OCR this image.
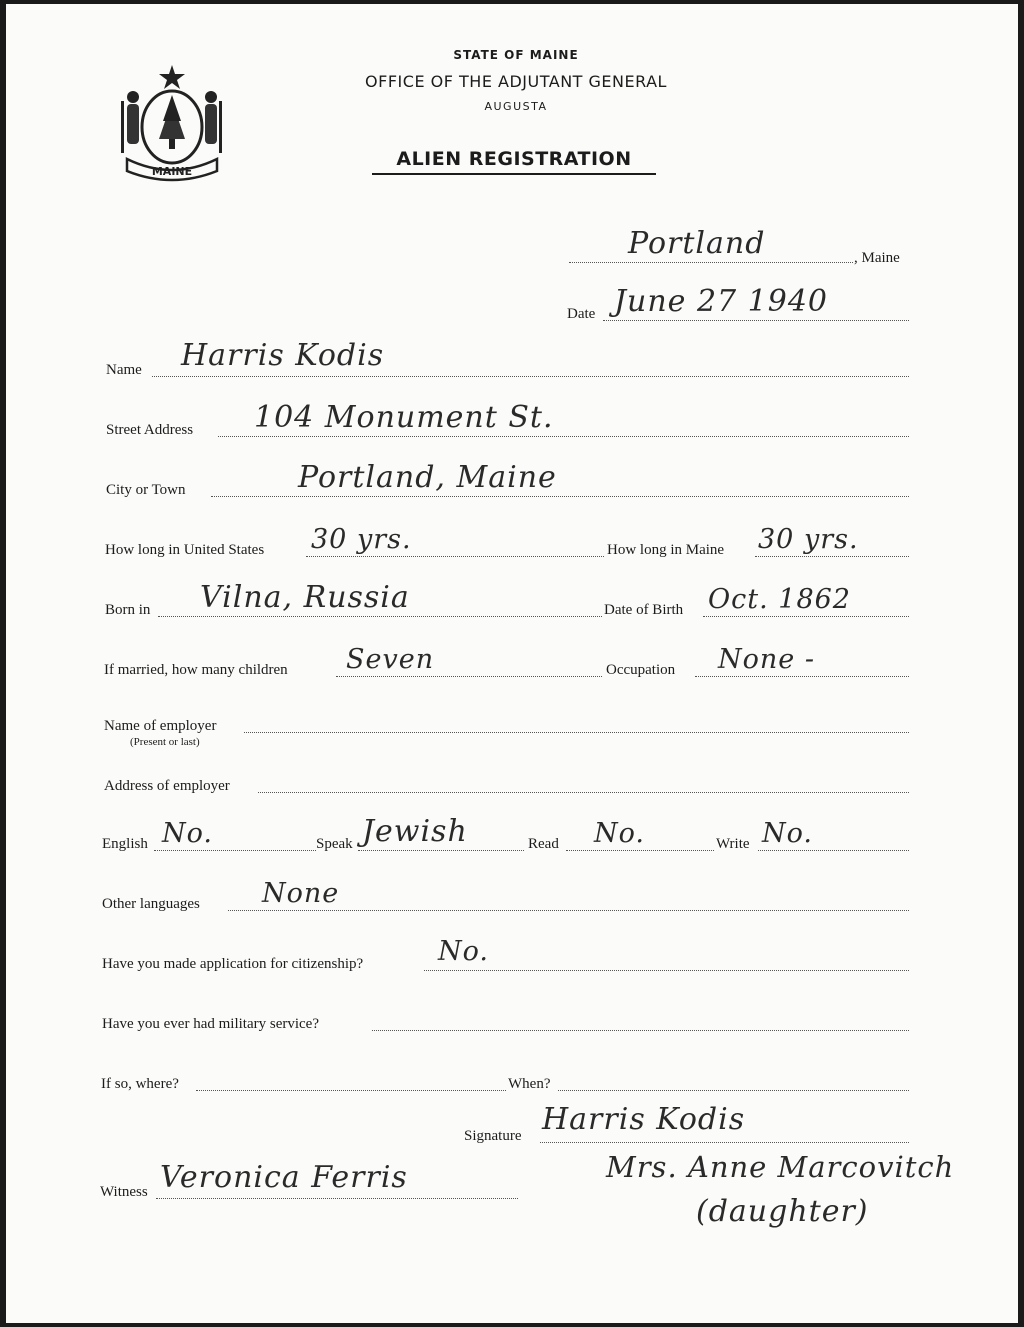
MAINE
STATE OF MAINE
OFFICE OF THE ADJUTANT GENERAL
AUGUSTA
ALIEN REGISTRATION
Portland	, Maine
Date June 27 1940
Name Harris Kodis
Street Address 104 Monument St.
City or Town	Portland, Maine
How long in United States 30 yrs.	How long in Maine 30 yrs.
Born in Vilna, Russia	Date of Birth Oct. 1862
If married, how many children Seven	Occupation None -
Name of employer
(Present or last)
Address of employer
English No.	Speak Jewish	Read No.	Write No.
Other languages None
Have you made application for citizenship?	No.
Have you ever had military service?
If so, where?	When?
Signature Harris Kodis
Witness Veronica Ferris	Mrs. Anne Marcovitch
(daughter)
